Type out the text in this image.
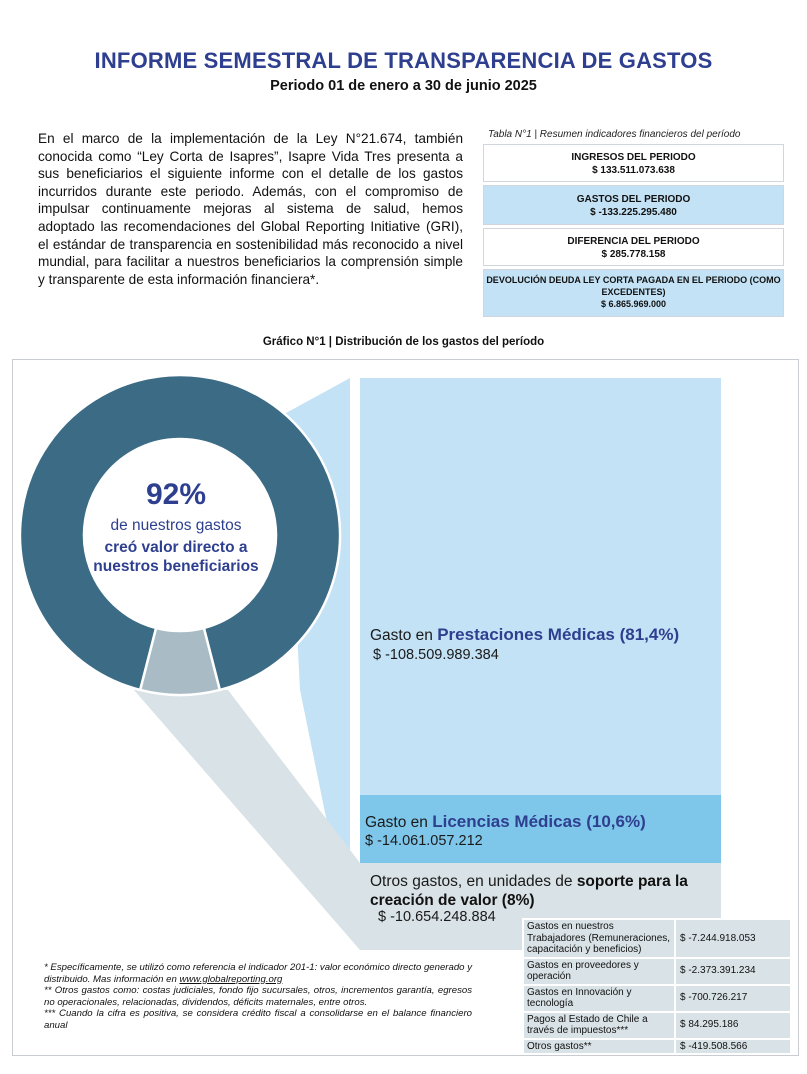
INFORME SEMESTRAL DE TRANSPARENCIA DE GASTOS
Periodo 01 de enero a 30 de junio 2025
En el marco de la implementación de la Ley N°21.674, también conocida como “Ley Corta de Isapres”, Isapre Vida Tres presenta a sus beneficiarios el siguiente informe con el detalle de los gastos incurridos durante este periodo. Además, con el compromiso de impulsar continuamente mejoras al sistema de salud, hemos adoptado las recomendaciones del Global Reporting Initiative (GRI), el estándar de transparencia en sostenibilidad más reconocido a nivel mundial, para facilitar a nuestros beneficiarios la comprensión simple y transparente de esta información financiera*.
Tabla N°1 | Resumen indicadores financieros del período
INGRESOS DEL PERIODO
$ 133.511.073.638
GASTOS DEL PERIODO
$ -133.225.295.480
DIFERENCIA DEL PERIODO
$ 285.778.158
DEVOLUCIÓN DEUDA LEY CORTA PAGADA EN EL PERIODO (COMO EXCEDENTES)
$ 6.865.969.000
Gráfico N°1 | Distribución de los gastos del período
92%
de nuestros gastos
creó valor directo a nuestros beneficiarios
Gasto en Prestaciones Médicas (81,4%)
$ -108.509.989.384
Gasto en Licencias Médicas (10,6%)
$ -14.061.057.212
Otros gastos, en unidades de soporte para la
creación de valor (8%)
$ -10.654.248.884
Gastos en nuestros Trabajadores (Remuneraciones, capacitación y beneficios)	$ -7.244.918.053
Gastos en proveedores y operación	$ -2.373.391.234
Gastos en Innovación y tecnología	$ -700.726.217
Pagos al Estado de Chile a través de impuestos***	$ 84.295.186
Otros gastos**	$ -419.508.566
* Específicamente, se utilizó como referencia el indicador 201-1: valor económico directo generado y distribuido. Mas información en www.globalreporting.org
** Otros gastos como: costas judiciales, fondo fijo sucursales, otros, incrementos garantía, egresos no operacionales, relacionadas, dividendos, déficits maternales, entre otros.
*** Cuando la cifra es positiva, se considera crédito fiscal a consolidarse en el balance financiero anual
